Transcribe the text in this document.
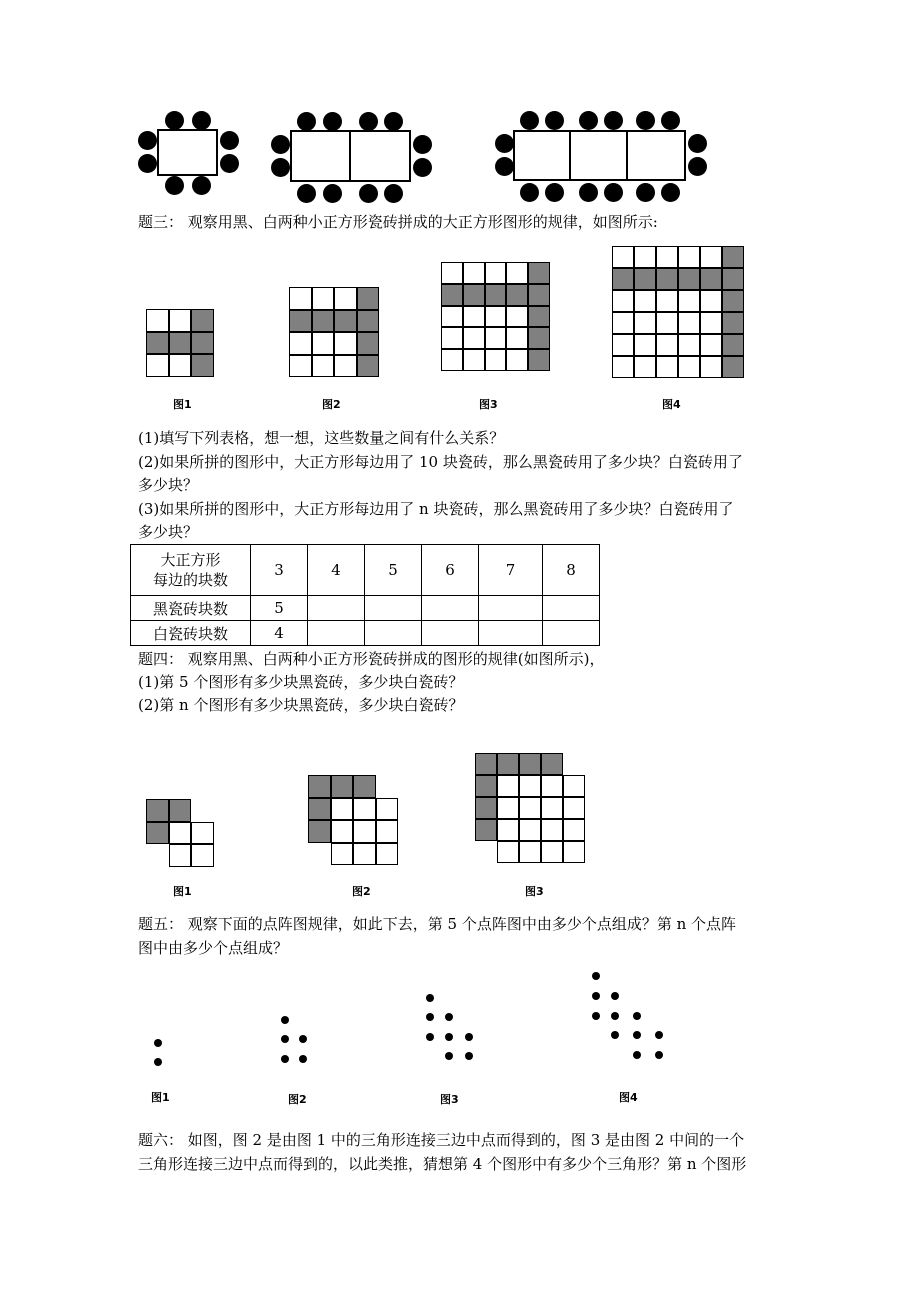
题三： 观察用黑、白两种小正方形瓷砖拼成的大正方形图形的规律，如图所示:
图1	图2	图3	图4
(1)填写下列表格，想一想，这些数量之间有什么关系？
(2)如果所拼的图形中，大正方形每边用了 10 块瓷砖，那么黑瓷砖用了多少块？白瓷砖用了
多少块？
(3)如果所拼的图形中，大正方形每边用了 n 块瓷砖，那么黑瓷砖用了多少块？白瓷砖用了
多少块？
大正方形
每边的块数	3	4	5	6	7	8
黑瓷砖块数	5					
白瓷砖块数	4					
题四： 观察用黑、白两种小正方形瓷砖拼成的图形的规律(如图所示)，
(1)第 5 个图形有多少块黑瓷砖，多少块白瓷砖？
(2)第 n 个图形有多少块黑瓷砖，多少块白瓷砖？
图1	图2	图3
题五： 观察下面的点阵图规律，如此下去，第 5 个点阵图中由多少个点组成？第 n 个点阵
图中由多少个点组成？
图1	图2	图3	图4
题六： 如图，图 2 是由图 1 中的三角形连接三边中点而得到的，图 3 是由图 2 中间的一个
三角形连接三边中点而得到的，以此类推，猜想第 4 个图形中有多少个三角形？第 n 个图形
